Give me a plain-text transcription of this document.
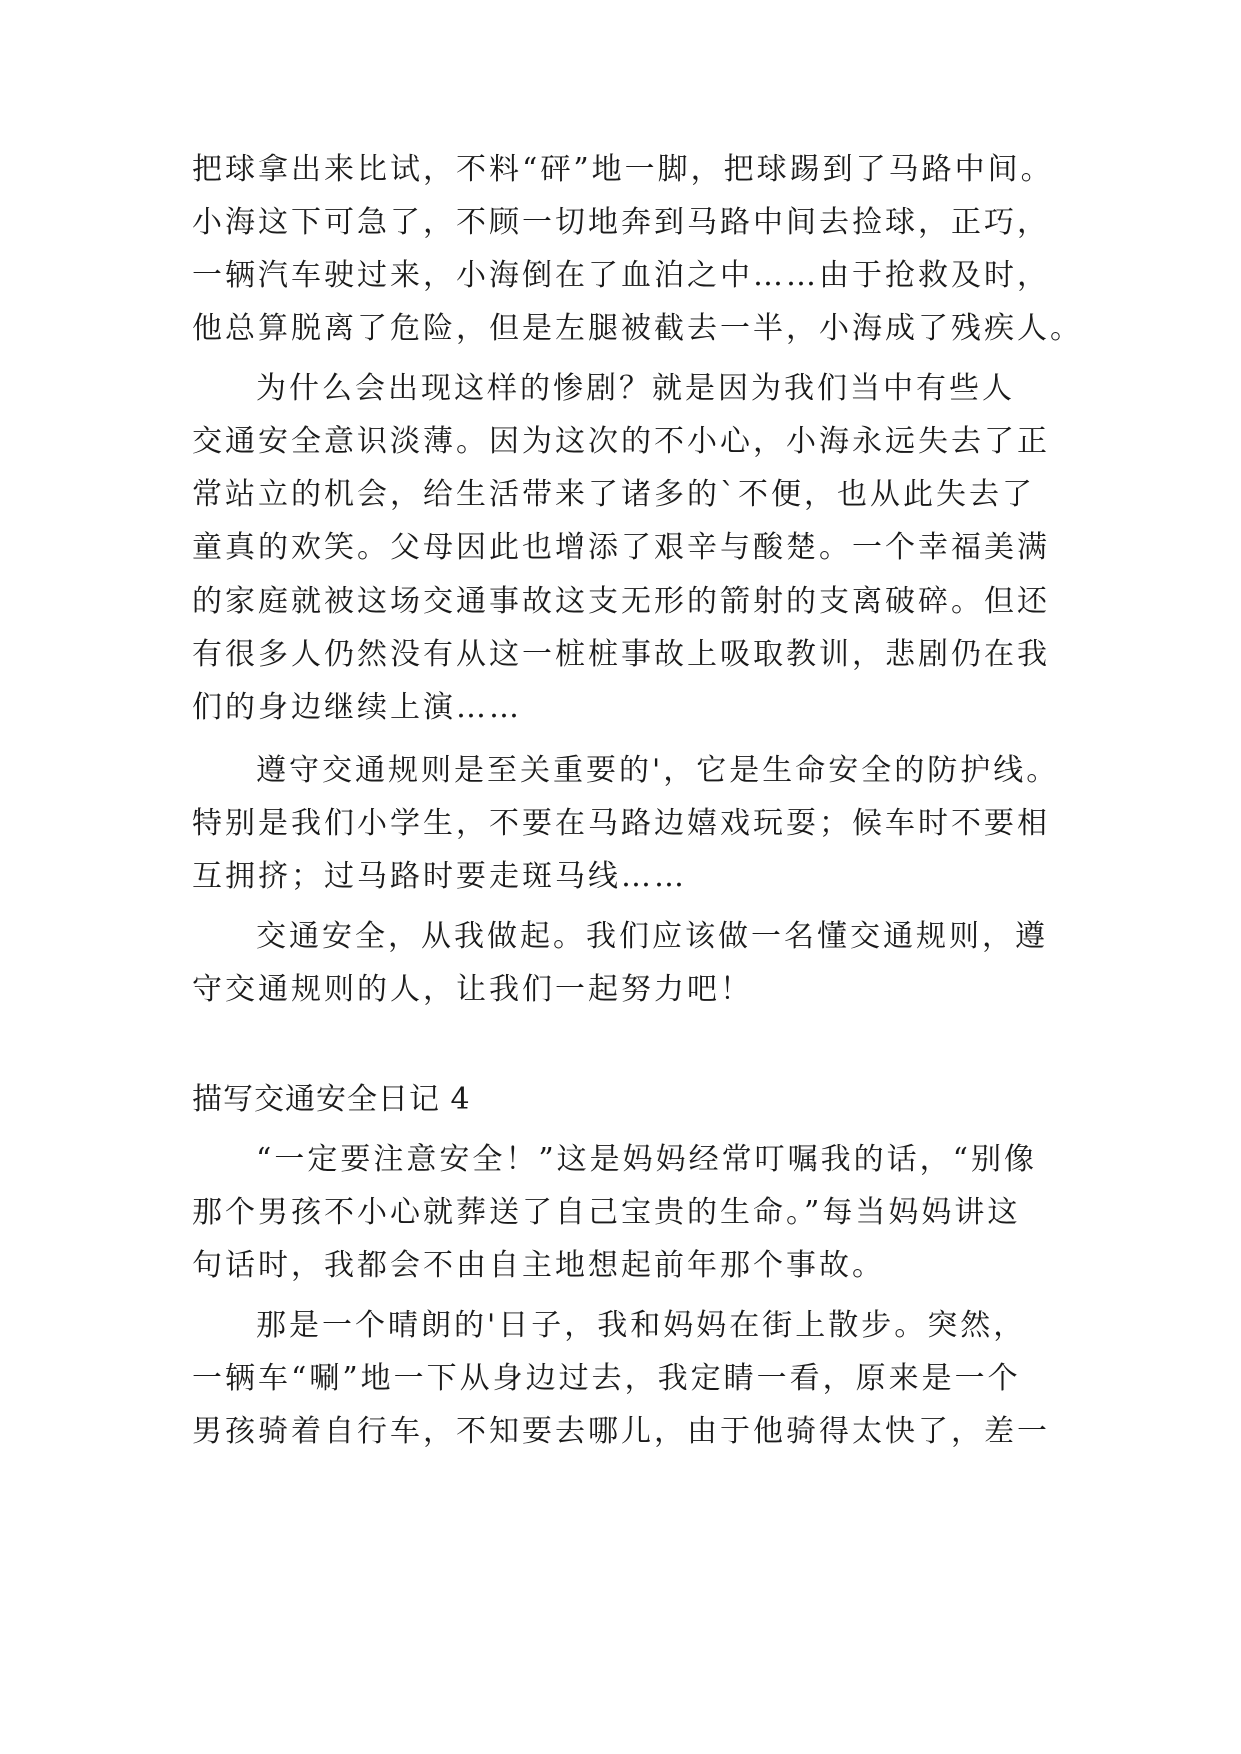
把球拿出来比试，不料“砰”地一脚，把球踢到了马路中间。
小海这下可急了，不顾一切地奔到马路中间去捡球，正巧，
一辆汽车驶过来，小海倒在了血泊之中……由于抢救及时，
他总算脱离了危险，但是左腿被截去一半，小海成了残疾人。
为什么会出现这样的惨剧？就是因为我们当中有些人
交通安全意识淡薄。因为这次的不小心，小海永远失去了正
常站立的机会，给生活带来了诸多的`不便，也从此失去了
童真的欢笑。父母因此也增添了艰辛与酸楚。一个幸福美满
的家庭就被这场交通事故这支无形的箭射的支离破碎。但还
有很多人仍然没有从这一桩桩事故上吸取教训，悲剧仍在我
们的身边继续上演……
遵守交通规则是至关重要的'，它是生命安全的防护线。
特别是我们小学生，不要在马路边嬉戏玩耍；候车时不要相
互拥挤；过马路时要走斑马线……
交通安全，从我做起。我们应该做一名懂交通规则，遵
守交通规则的人，让我们一起努力吧！
描写交通安全日记 4
“一定要注意安全！”这是妈妈经常叮嘱我的话，“别像
那个男孩不小心就葬送了自己宝贵的生命。”每当妈妈讲这
句话时，我都会不由自主地想起前年那个事故。
那是一个晴朗的'日子，我和妈妈在街上散步。突然，
一辆车“唰”地一下从身边过去，我定睛一看，原来是一个
男孩骑着自行车，不知要去哪儿，由于他骑得太快了，差一
